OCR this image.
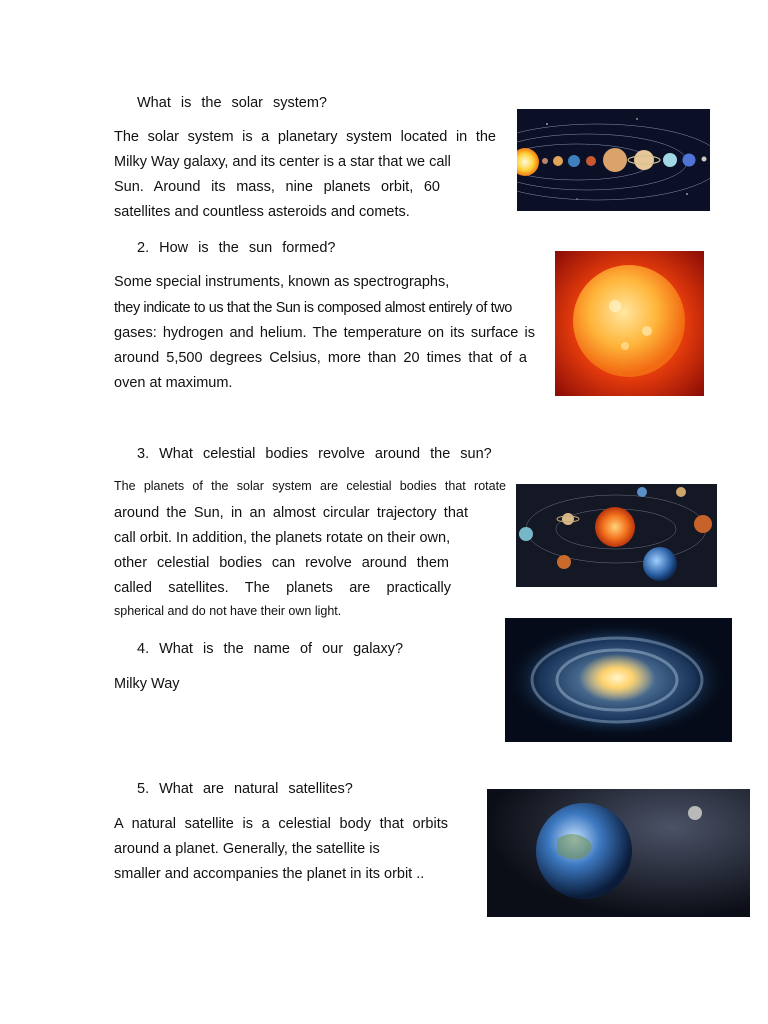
What is the solar system?
The solar system is a planetary system located in the
Milky Way galaxy, and its center is a star that we call
Sun. Around its mass, nine planets orbit, 60
satellites and countless asteroids and comets.
2. How is the sun formed?
Some special instruments, known as spectrographs,
they indicate to us that the Sun is composed almost entirely of two
gases: hydrogen and helium. The temperature on its surface is
around 5,500 degrees Celsius, more than 20 times that of a
oven at maximum.
3. What celestial bodies revolve around the sun?
The planets of the solar system are celestial bodies that rotate
around the Sun, in an almost circular trajectory that
call orbit. In addition, the planets rotate on their own,
other celestial bodies can revolve around them
called satellites. The planets are practically
spherical and do not have their own light.
4. What is the name of our galaxy?
Milky Way
5. What are natural satellites?
A natural satellite is a celestial body that orbits
around a planet. Generally, the satellite is
smaller and accompanies the planet in its orbit ..
